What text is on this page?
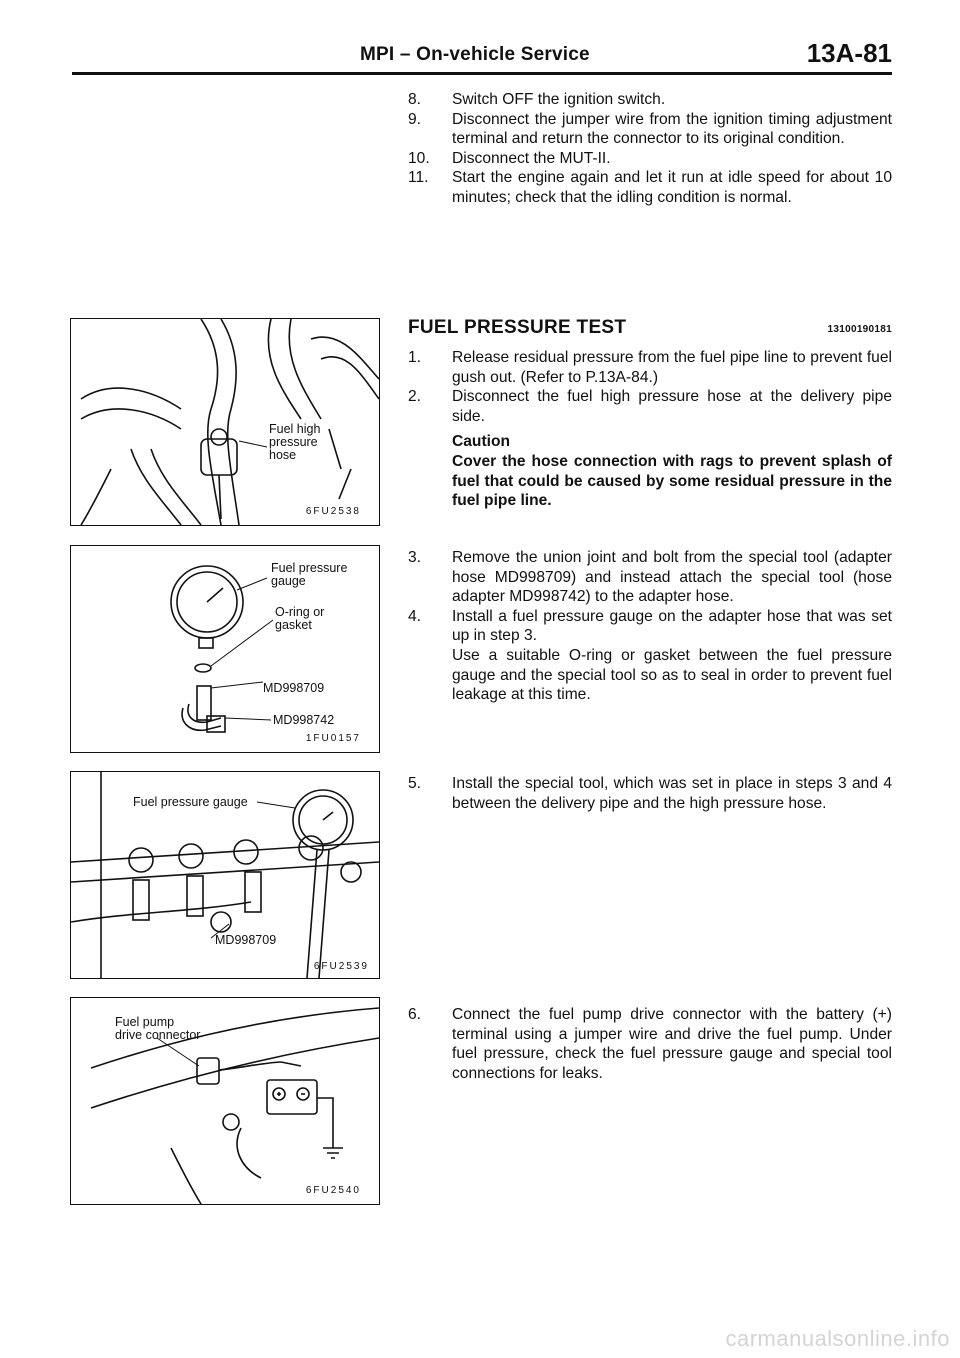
MPI – On-vehicle Service	13A-81
8. Switch OFF the ignition switch.
9. Disconnect the jumper wire from the ignition timing adjustment terminal and return the connector to its original condition.
10. Disconnect the MUT-II.
11. Start the engine again and let it run at idle speed for about 10 minutes; check that the idling condition is normal.
FUEL PRESSURE TEST	13100190181
1. Release residual pressure from the fuel pipe line to prevent fuel gush out. (Refer to P.13A-84.)
2. Disconnect the fuel high pressure hose at the delivery pipe side.
Caution
Cover the hose connection with rags to prevent splash of fuel that could be caused by some residual pressure in the fuel pipe line.
3. Remove the union joint and bolt from the special tool (adapter hose MD998709) and instead attach the special tool (hose adapter MD998742) to the adapter hose.
4. Install a fuel pressure gauge on the adapter hose that was set up in step 3.
Use a suitable O-ring or gasket between the fuel pressure gauge and the special tool so as to seal in order to prevent fuel leakage at this time.
5. Install the special tool, which was set in place in steps 3 and 4 between the delivery pipe and the high pressure hose.
6. Connect the fuel pump drive connector with the battery (+) terminal using a jumper wire and drive the fuel pump. Under fuel pressure, check the fuel pressure gauge and special tool connections for leaks.
Fuel high
pressure
hose
6FU2538
Fuel pressure
gauge
O-ring or
gasket
MD998709
MD998742
1FU0157
Fuel pressure gauge
MD998709
6FU2539
Fuel pump
drive connector
6FU2540
carmanualsonline.info
